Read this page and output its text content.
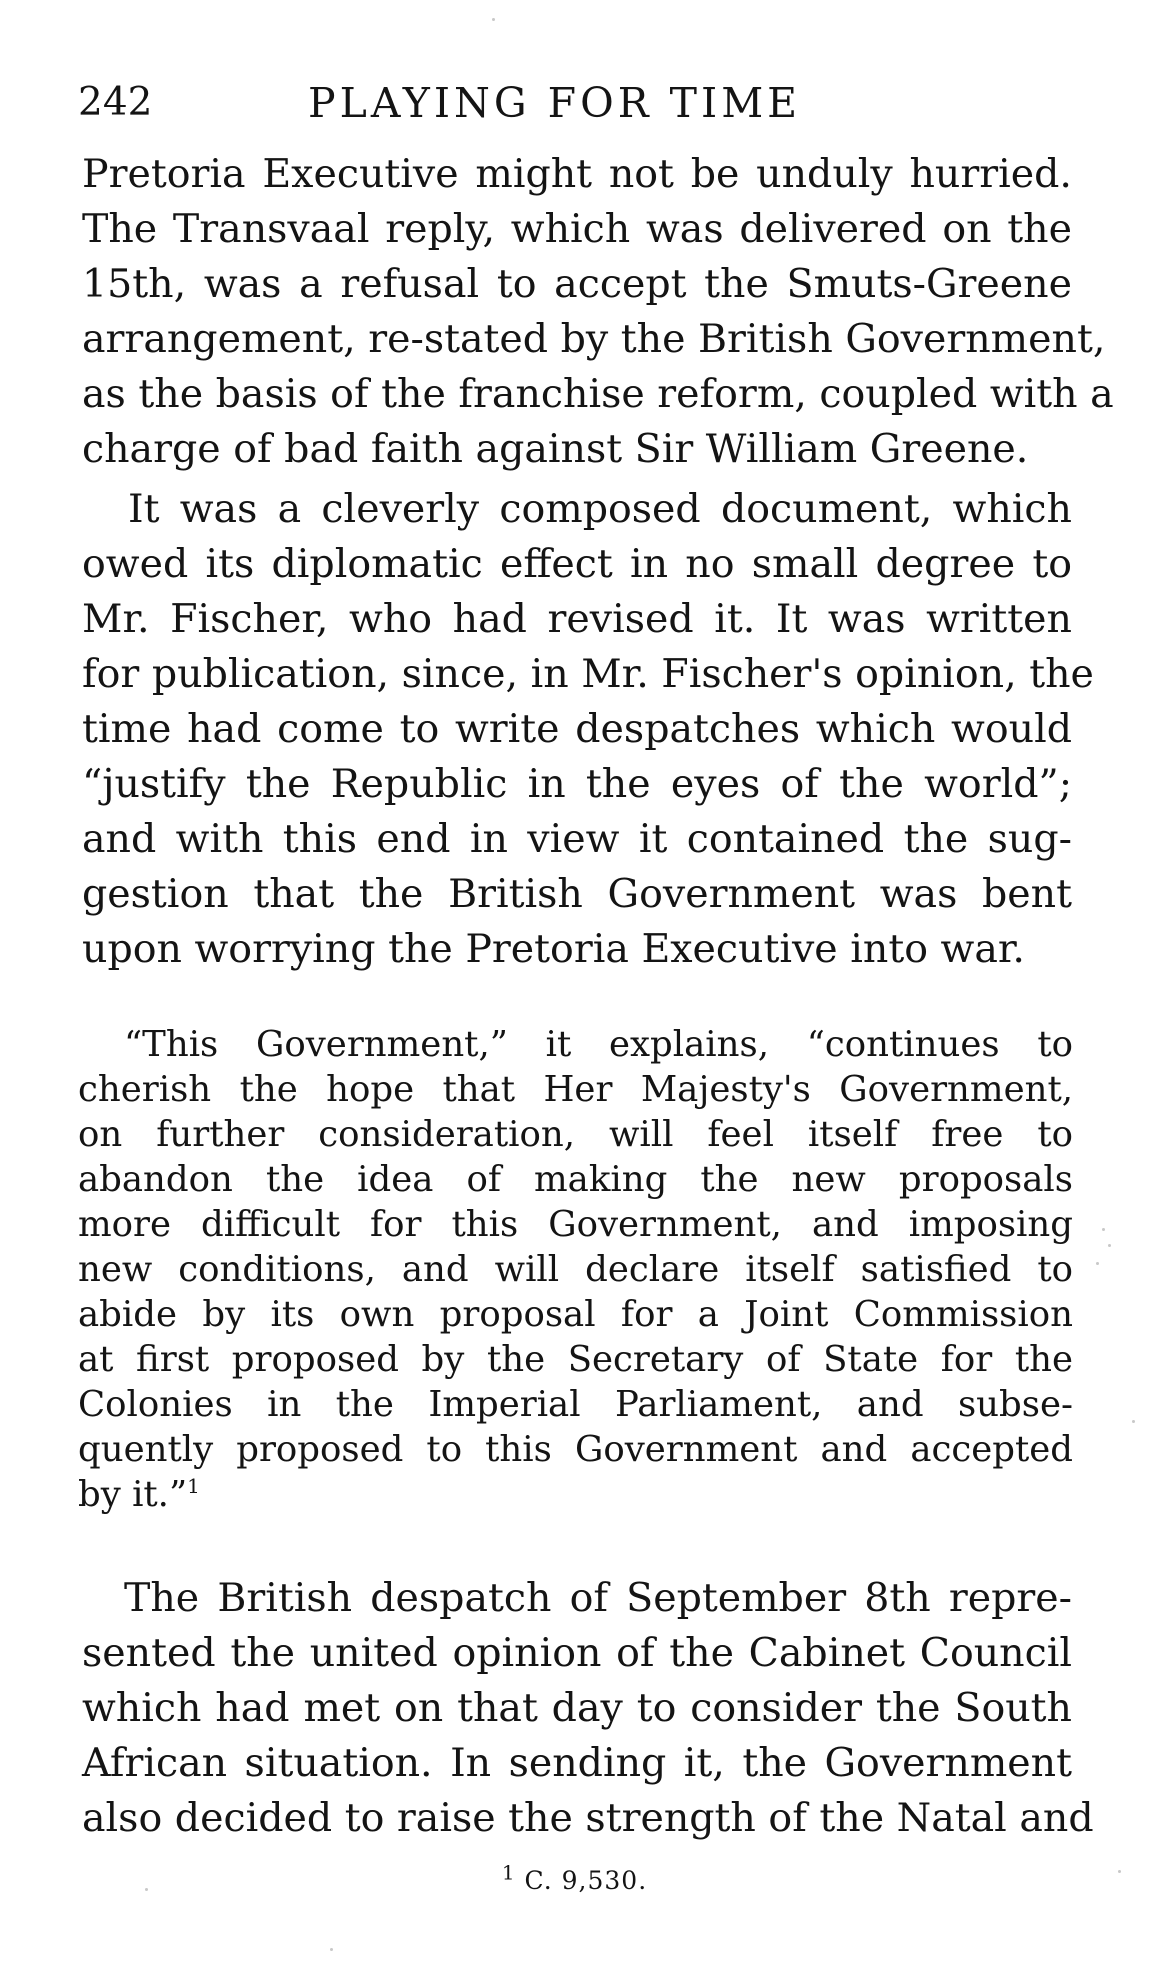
242	PLAYING FOR TIME
Pretoria Executive might not be unduly hurried.
The Transvaal reply, which was delivered on the
15th, was a refusal to accept the Smuts-Greene
arrangement, re-stated by the British Government,
as the basis of the franchise reform, coupled with a
charge of bad faith against Sir William Greene.
It was a cleverly composed document, which
owed its diplomatic effect in no small degree to
Mr. Fischer, who had revised it. It was written
for publication, since, in Mr. Fischer's opinion, the
time had come to write despatches which would
“justify the Republic in the eyes of the world”;
and with this end in view it contained the sug-
gestion that the British Government was bent
upon worrying the Pretoria Executive into war.
“This Government,” it explains, “continues to
cherish the hope that Her Majesty's Government,
on further consideration, will feel itself free to
abandon the idea of making the new proposals
more difficult for this Government, and imposing
new conditions, and will declare itself satisfied to
abide by its own proposal for a Joint Commission
at first proposed by the Secretary of State for the
Colonies in the Imperial Parliament, and subse-
quently proposed to this Government and accepted
by it.”$^1$
The British despatch of September 8th repre-
sented the united opinion of the Cabinet Council
which had met on that day to consider the South
African situation. In sending it, the Government
also decided to raise the strength of the Natal and
$^1$ C. 9,530.
